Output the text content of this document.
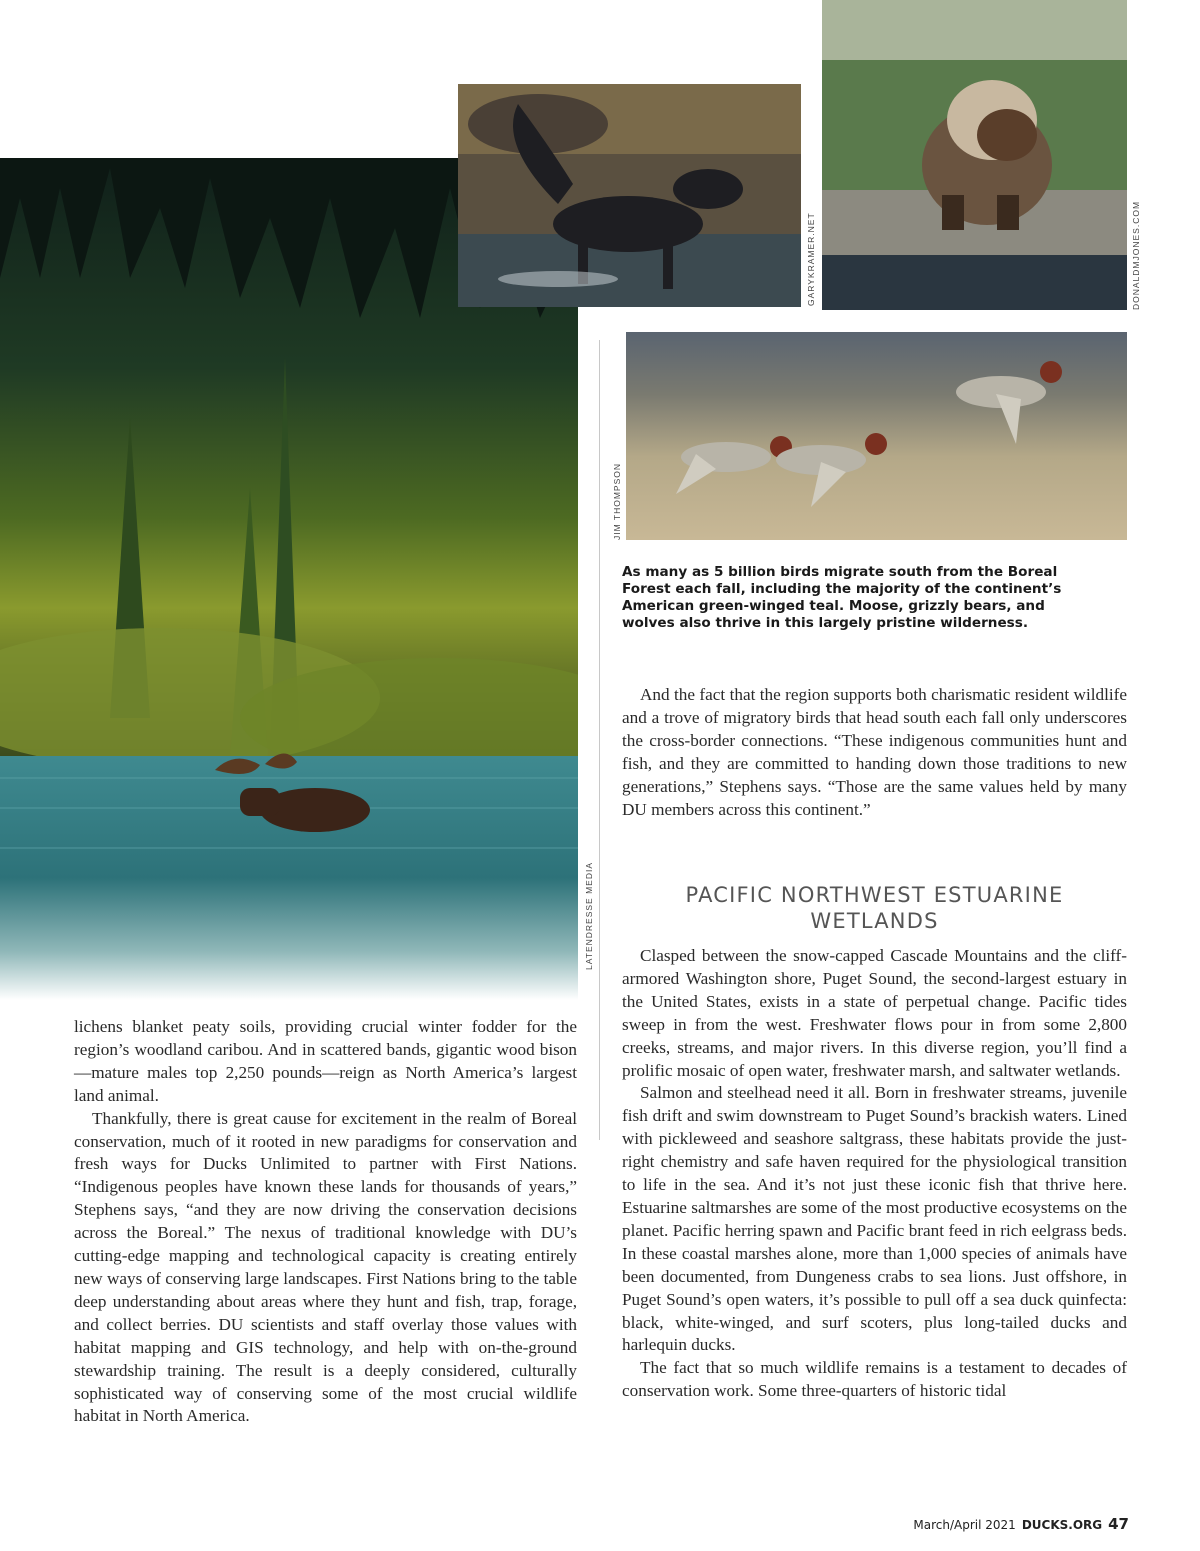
LATENDRESSE MEDIA
GARYKRAMER.NET	DONALDMJONES.COM
JIM THOMPSON
As many as 5 billion birds migrate south from the Boreal Forest each fall, including the majority of the continent’s American green-winged teal. Moose, grizzly bears, and wolves also thrive in this largely pristine wilderness.

And the fact that the region supports both charismatic resident wildlife and a trove of migratory birds that head south each fall only underscores the cross-border connections. “These indigenous communities hunt and fish, and they are committed to handing down those traditions to new generations,” Stephens says. “Those are the same values held by many DU members across this continent.”

PACIFIC NORTHWEST ESTUARINE WETLANDS

Clasped between the snow-capped Cascade Mountains and the cliff-armored Washington shore, Puget Sound, the second-largest estuary in the United States, exists in a state of perpetual change. Pacific tides sweep in from the west. Freshwater flows pour in from some 2,800 creeks, streams, and major rivers. In this diverse region, you’ll find a prolific mosaic of open water, freshwater marsh, and saltwater wetlands.

Salmon and steelhead need it all. Born in freshwater streams, juvenile fish drift and swim downstream to Puget Sound’s brackish waters. Lined with pickleweed and seashore saltgrass, these habitats provide the just-right chemistry and safe haven required for the physiological transition to life in the sea. And it’s not just these iconic fish that thrive here. Estuarine saltmarshes are some of the most productive ecosystems on the planet. Pacific herring spawn and Pacific brant feed in rich eelgrass beds. In these coastal marshes alone, more than 1,000 species of animals have been documented, from Dungeness crabs to sea lions. Just offshore, in Puget Sound’s open waters, it’s possible to pull off a sea duck quinfecta: black, white-winged, and surf scoters, plus long-tailed ducks and harlequin ducks.

The fact that so much wildlife remains is a testament to decades of conservation work. Some three-quarters of historic tidal

lichens blanket peaty soils, providing crucial winter fodder for the region’s woodland caribou. And in scattered bands, gigantic wood bison—mature males top 2,250 pounds—reign as North America’s largest land animal.

Thankfully, there is great cause for excitement in the realm of Boreal conservation, much of it rooted in new paradigms for conservation and fresh ways for Ducks Unlimited to partner with First Nations. “Indigenous peoples have known these lands for thousands of years,” Stephens says, “and they are now driving the conservation decisions across the Boreal.” The nexus of traditional knowledge with DU’s cutting-edge mapping and technological capacity is creating entirely new ways of conserving large landscapes. First Nations bring to the table deep understanding about areas where they hunt and fish, trap, forage, and collect berries. DU scientists and staff overlay those values with habitat mapping and GIS technology, and help with on-the-ground stewardship training. The result is a deeply considered, culturally sophisticated way of conserving some of the most crucial wildlife habitat in North America.

March/April 2021 DUCKS.ORG 47
